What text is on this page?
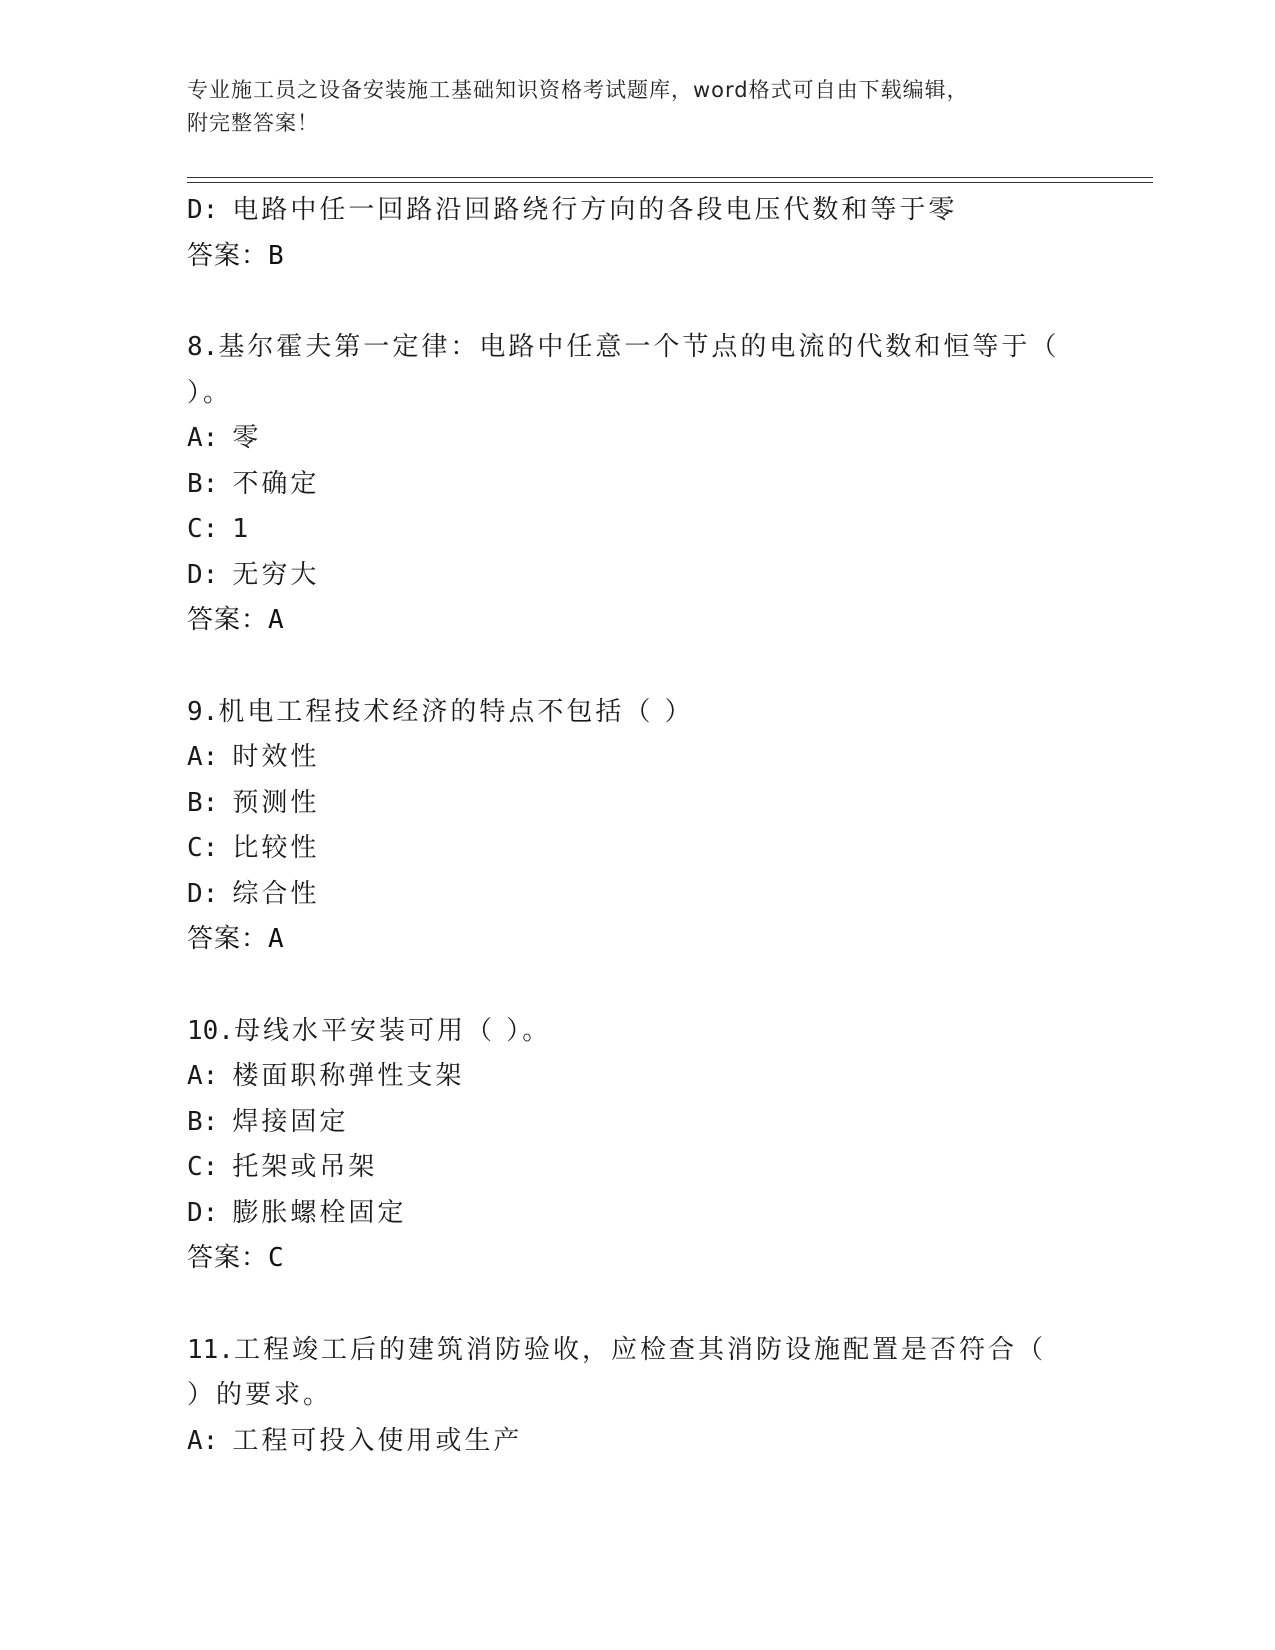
专业施工员之设备安装施工基础知识资格考试题库，word格式可自由下载编辑，
附完整答案！
D: 电路中任一回路沿回路绕行方向的各段电压代数和等于零
答案：B
8.基尔霍夫第一定律：电路中任意一个节点的电流的代数和恒等于（
）。
A: 零
B: 不确定
C: 1
D: 无穷大
答案：A
9.机电工程技术经济的特点不包括（ ）
A: 时效性
B: 预测性
C: 比较性
D: 综合性
答案：A
10.母线水平安装可用（ ）。
A: 楼面职称弹性支架
B: 焊接固定
C: 托架或吊架
D: 膨胀螺栓固定
答案：C
11.工程竣工后的建筑消防验收，应检查其消防设施配置是否符合（
）的要求。
A: 工程可投入使用或生产
